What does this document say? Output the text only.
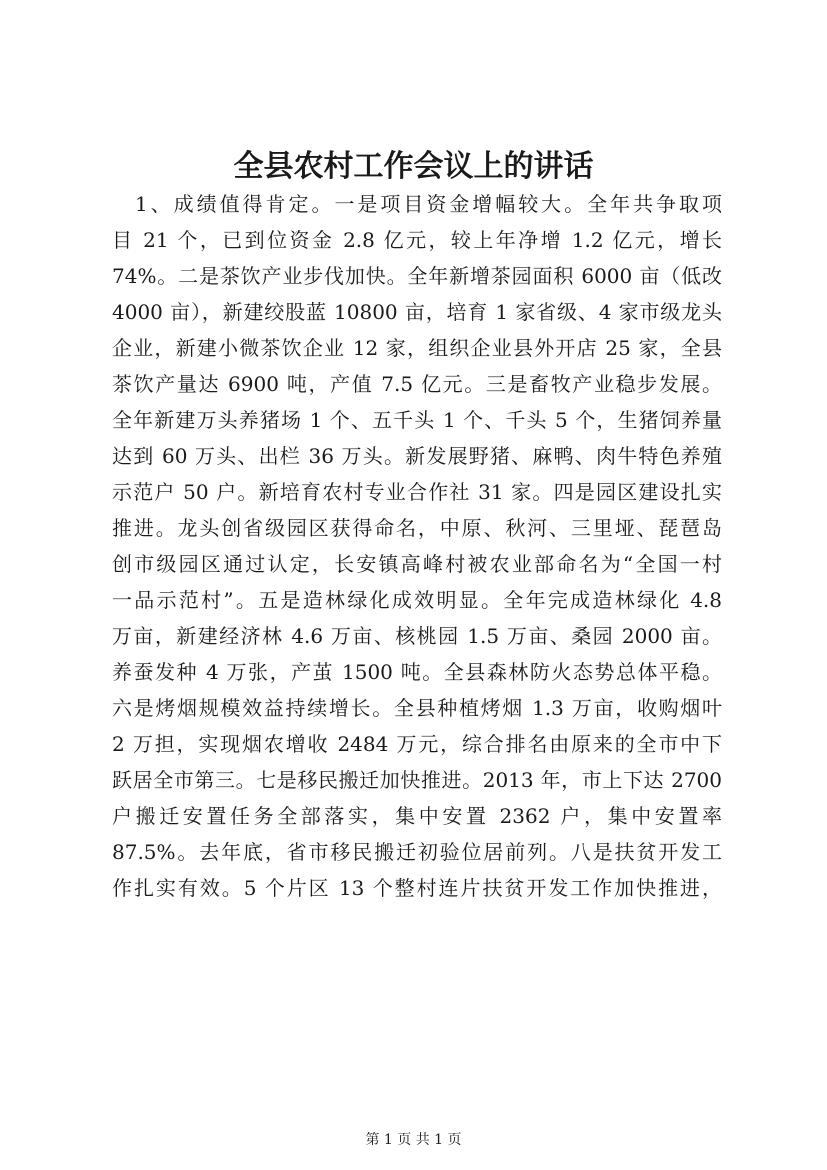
全县农村工作会议上的讲话
　1、成绩值得肯定。一是项目资金增幅较大。全年共争取项
目 21 个，已到位资金 2.8 亿元，较上年净增 1.2 亿元，增长
74%。二是茶饮产业步伐加快。全年新增茶园面积 6000 亩（低改
4000 亩），新建绞股蓝 10800 亩，培育 1 家省级、4 家市级龙头
企业，新建小微茶饮企业 12 家，组织企业县外开店 25 家，全县
茶饮产量达 6900 吨，产值 7.5 亿元。三是畜牧产业稳步发展。
全年新建万头养猪场 1 个、五千头 1 个、千头 5 个，生猪饲养量
达到 60 万头、出栏 36 万头。新发展野猪、麻鸭、肉牛特色养殖
示范户 50 户。新培育农村专业合作社 31 家。四是园区建设扎实
推进。龙头创省级园区获得命名，中原、秋河、三里垭、琵琶岛
创市级园区通过认定，长安镇高峰村被农业部命名为“全国一村
一品示范村”。五是造林绿化成效明显。全年完成造林绿化 4.8
万亩，新建经济林 4.6 万亩、核桃园 1.5 万亩、桑园 2000 亩。
养蚕发种 4 万张，产茧 1500 吨。全县森林防火态势总体平稳。
六是烤烟规模效益持续增长。全县种植烤烟 1.3 万亩，收购烟叶
2 万担，实现烟农增收 2484 万元，综合排名由原来的全市中下
跃居全市第三。七是移民搬迁加快推进。2013 年，市上下达 2700
户搬迁安置任务全部落实，集中安置 2362 户，集中安置率
87.5%。去年底，省市移民搬迁初验位居前列。八是扶贫开发工
作扎实有效。5 个片区 13 个整村连片扶贫开发工作加快推进，
第 1 页 共 1 页
